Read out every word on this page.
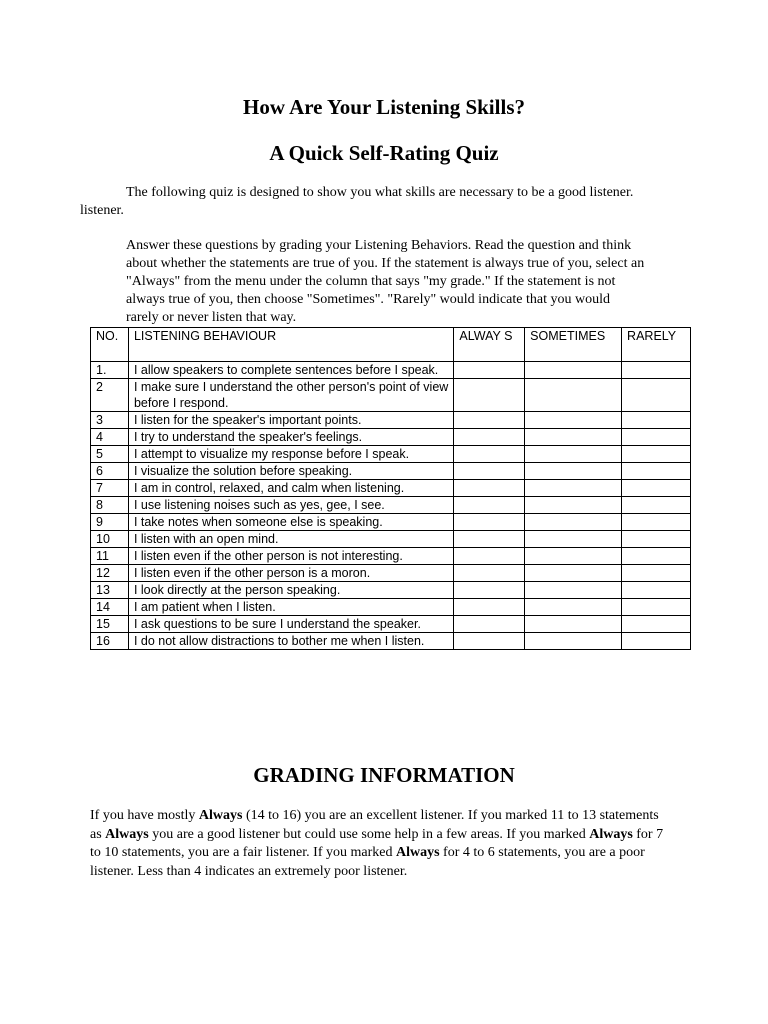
How Are Your Listening Skills?
A Quick Self-Rating Quiz

The following quiz is designed to show you what skills are necessary to be a good listener. listener.

Answer these questions by grading your Listening Behaviors. Read the question and think about whether the statements are true of you. If the statement is always true of you, select an "Always" from the menu under the column that says "my grade." If the statement is not always true of you, then choose "Sometimes". "Rarely" would indicate that you would rarely or never listen that way.

NO.	LISTENING BEHAVIOUR	ALWAY S	SOMETIMES	RARELY
1.	I allow speakers to complete sentences before I speak.			
2	I make sure I understand the other person's point of view before I respond.			
3	I listen for the speaker's important points.			
4	I try to understand the speaker's feelings.			
5	I attempt to visualize my response before I speak.			
6	I visualize the solution before speaking.			
7	I am in control, relaxed, and calm when listening.			
8	I use listening noises such as yes, gee, I see.			
9	I take notes when someone else is speaking.			
10	I listen with an open mind.			
11	I listen even if the other person is not interesting.			
12	I listen even if the other person is a moron.			
13	I look directly at the person speaking.			
14	I am patient when I listen.			
15	I ask questions to be sure I understand the speaker.			
16	I do not allow distractions to bother me when I listen.			
GRADING INFORMATION

If you have mostly Always (14 to 16) you are an excellent listener. If you marked 11 to 13 statements as Always you are a good listener but could use some help in a few areas. If you marked Always for 7 to 10 statements, you are a fair listener. If you marked Always for 4 to 6 statements, you are a poor listener. Less than 4 indicates an extremely poor listener.
